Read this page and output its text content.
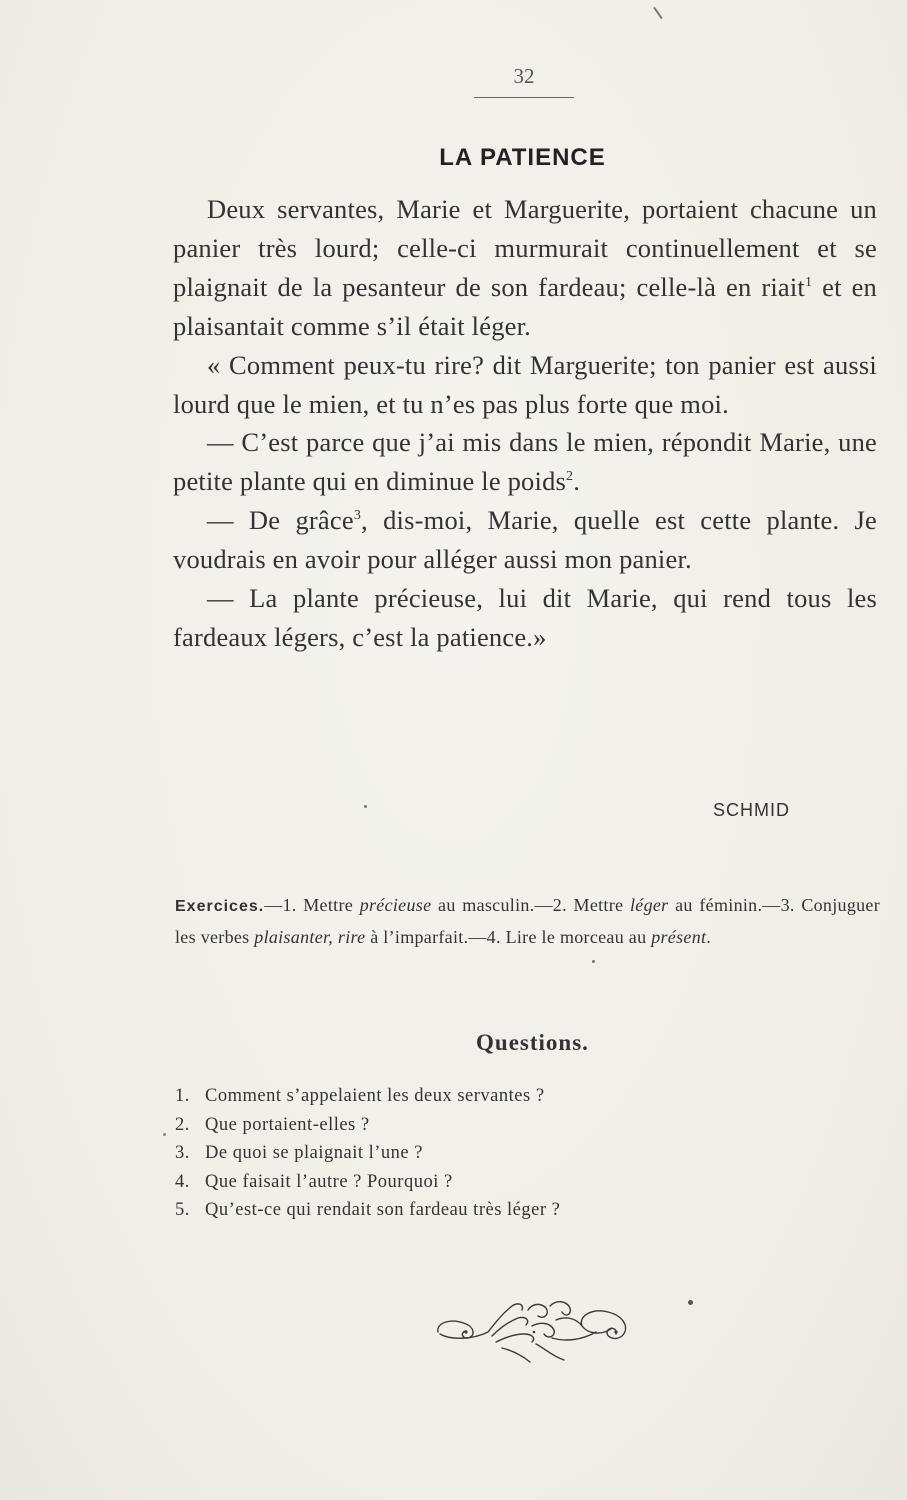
32
LA PATIENCE

Deux servantes, Marie et Marguerite, portaient chacune un panier très lourd; celle-ci murmurait continuellement et se plaignait de la pesanteur de son fardeau; celle-là en riait$^1$ et en plaisantait comme s’il était léger.

« Comment peux-tu rire? dit Marguerite; ton panier est aussi lourd que le mien, et tu n’es pas plus forte que moi.

— C’est parce que j’ai mis dans le mien, répondit Marie, une petite plante qui en diminue le poids$^2$.

— De grâce$^3$, dis-moi, Marie, quelle est cette plante. Je voudrais en avoir pour alléger aussi mon panier.

— La plante précieuse, lui dit Marie, qui rend tous les fardeaux légers, c’est la patience.»

SCHMID
Exercices.—1. Mettre précieuse au masculin.—2. Mettre léger au féminin.—3. Conjuguer les verbes plaisanter, rire à l’imparfait.—4. Lire le morceau au présent.
Questions.
1. Comment s’appelaient les deux servantes ?
2. Que portaient-elles ?
3. De quoi se plaignait l’une ?
4. Que faisait l’autre ? Pourquoi ?
5. Qu’est-ce qui rendait son fardeau très léger ?
